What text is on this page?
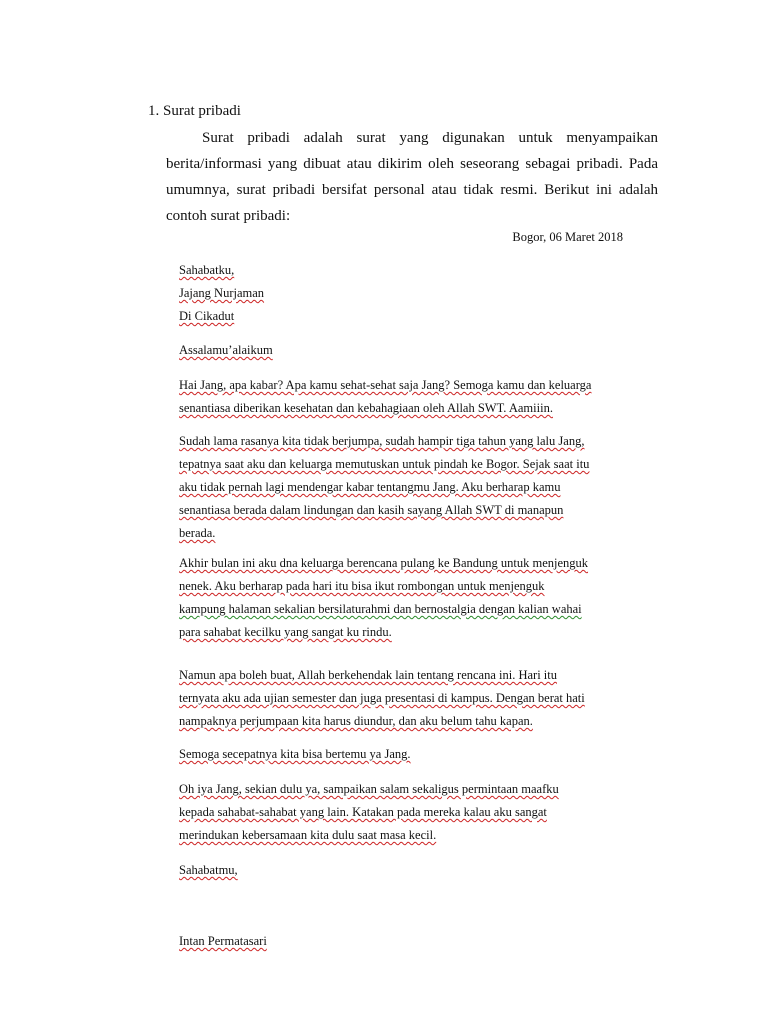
1. Surat pribadi

Surat pribadi adalah surat yang digunakan untuk menyampaikan berita/informasi yang dibuat atau dikirim oleh seseorang sebagai pribadi. Pada umumnya, surat pribadi bersifat personal atau tidak resmi. Berikut ini adalah contoh surat pribadi:

Bogor, 06 Maret 2018
Sahabatku,
Jajang Nurjaman
Di Cikadut
Assalamu’alaikum
Hai Jang, apa kabar? Apa kamu sehat-sehat saja Jang? Semoga kamu dan keluarga
senantiasa diberikan kesehatan dan kebahagiaan oleh Allah SWT. Aamiiin.
Sudah lama rasanya kita tidak berjumpa, sudah hampir tiga tahun yang lalu Jang,
tepatnya saat aku dan keluarga memutuskan untuk pindah ke Bogor. Sejak saat itu
aku tidak pernah lagi mendengar kabar tentangmu Jang. Aku berharap kamu
senantiasa berada dalam lindungan dan kasih sayang Allah SWT di manapun
berada.
Akhir bulan ini aku dna keluarga berencana pulang ke Bandung untuk menjenguk
nenek. Aku berharap pada hari itu bisa ikut rombongan untuk menjenguk
kampung halaman sekalian bersilaturahmi dan bernostalgia dengan kalian wahai
para sahabat kecilku yang sangat ku rindu.
Namun apa boleh buat, Allah berkehendak lain tentang rencana ini. Hari itu
ternyata aku ada ujian semester dan juga presentasi di kampus. Dengan berat hati
nampaknya perjumpaan kita harus diundur, dan aku belum tahu kapan.
Semoga secepatnya kita bisa bertemu ya Jang.
Oh iya Jang, sekian dulu ya, sampaikan salam sekaligus permintaan maafku
kepada sahabat-sahabat yang lain. Katakan pada mereka kalau aku sangat
merindukan kebersamaan kita dulu saat masa kecil.
Sahabatmu,
Intan Permatasari
